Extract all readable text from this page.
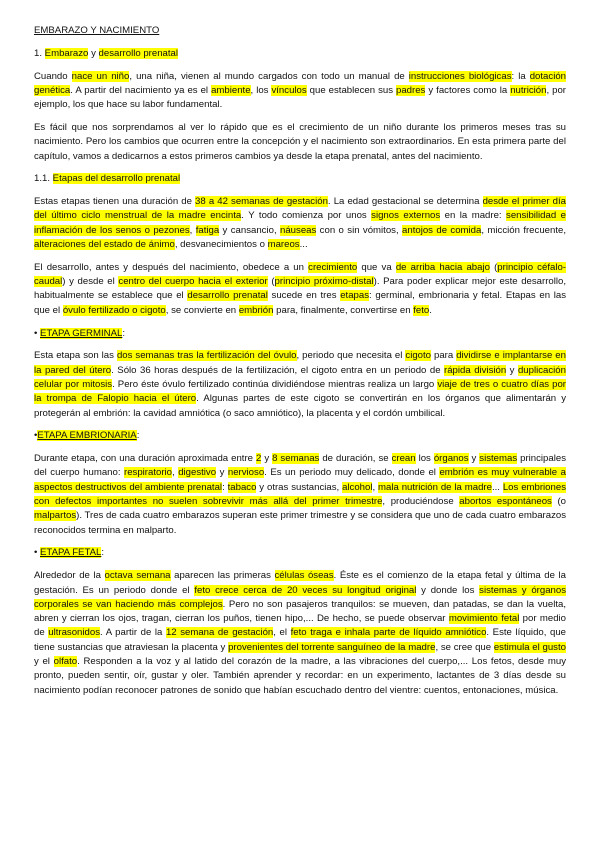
EMBARAZO Y NACIMIENTO

1. Embarazo y desarrollo prenatal

Cuando nace un niño, una niña, vienen al mundo cargados con todo un manual de instrucciones biológicas: la dotación genética. A partir del nacimiento ya es el ambiente, los vínculos que establecen sus padres y factores como la nutrición, por ejemplo, los que hace su labor fundamental.

Es fácil que nos sorprendamos al ver lo rápido que es el crecimiento de un niño durante los primeros meses tras su nacimiento. Pero los cambios que ocurren entre la concepción y el nacimiento son extraordinarios. En esta primera parte del capítulo, vamos a dedicarnos a estos primeros cambios ya desde la etapa prenatal, antes del nacimiento.

1.1. Etapas del desarrollo prenatal

Estas etapas tienen una duración de 38 a 42 semanas de gestación. La edad gestacional se determina desde el primer día del último ciclo menstrual de la madre encinta. Y todo comienza por unos signos externos en la madre: sensibilidad e inflamación de los senos o pezones, fatiga y cansancio, náuseas con o sin vómitos, antojos de comida, micción frecuente, alteraciones del estado de ánimo, desvanecimientos o mareos...

El desarrollo, antes y después del nacimiento, obedece a un crecimiento que va de arriba hacia abajo (principio céfalo-caudal) y desde el centro del cuerpo hacia el exterior (principio próximo-distal). Para poder explicar mejor este desarrollo, habitualmente se establece que el desarrollo prenatal sucede en tres etapas: germinal, embrionaria y fetal. Etapas en las que el óvulo fertilizado o cigoto, se convierte en embrión para, finalmente, convertirse en feto.

• ETAPA GERMINAL:

Esta etapa son las dos semanas tras la fertilización del óvulo, periodo que necesita el cigoto para dividirse e implantarse en la pared del útero. Sólo 36 horas después de la fertilización, el cigoto entra en un periodo de rápida división y duplicación celular por mitosis. Pero éste óvulo fertilizado continúa dividiéndose mientras realiza un largo viaje de tres o cuatro días por la trompa de Falopio hacia el útero. Algunas partes de este cigoto se convertirán en los órganos que alimentarán y protegerán al embrión: la cavidad amniótica (o saco amniótico), la placenta y el cordón umbilical.

•ETAPA EMBRIONARIA:

Durante etapa, con una duración aproximada entre 2 y 8 semanas de duración, se crean los órganos y sistemas principales del cuerpo humano: respiratorio, digestivo y nervioso. Es un periodo muy delicado, donde el embrión es muy vulnerable a aspectos destructivos del ambiente prenatal: tabaco y otras sustancias, alcohol, mala nutrición de la madre... Los embriones con defectos importantes no suelen sobrevivir más allá del primer trimestre, produciéndose abortos espontáneos (o malpartos). Tres de cada cuatro embarazos superan este primer trimestre y se considera que uno de cada cuatro embarazos reconocidos termina en malparto.

• ETAPA FETAL:

Alrededor de la octava semana aparecen las primeras células óseas. Éste es el comienzo de la etapa fetal y última de la gestación. Es un periodo donde el feto crece cerca de 20 veces su longitud original y donde los sistemas y órganos corporales se van haciendo más complejos. Pero no son pasajeros tranquilos: se mueven, dan patadas, se dan la vuelta, abren y cierran los ojos, tragan, cierran los puños, tienen hipo,... De hecho, se puede observar movimiento fetal por medio de ultrasonidos. A partir de la 12 semana de gestación, el feto traga e inhala parte de líquido amniótico. Este líquido, que tiene sustancias que atraviesan la placenta y provenientes del torrente sanguíneo de la madre, se cree que estimula el gusto y el olfato. Responden a la voz y al latido del corazón de la madre, a las vibraciones del cuerpo,... Los fetos, desde muy pronto, pueden sentir, oír, gustar y oler. También aprender y recordar: en un experimento, lactantes de 3 días desde su nacimiento podían reconocer patrones de sonido que habían escuchado dentro del vientre: cuentos, entonaciones, música.
